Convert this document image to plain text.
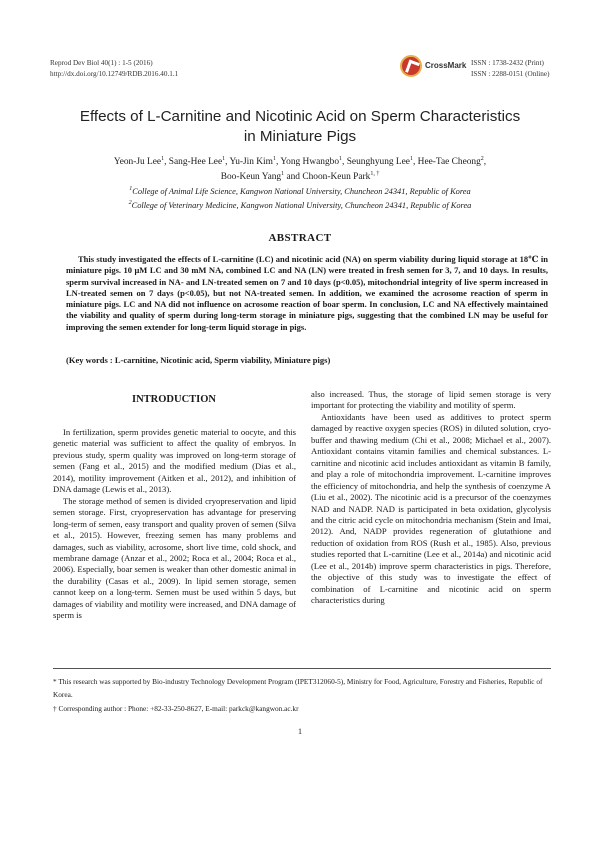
Reprod Dev Biol 40(1) : 1-5 (2016)
http://dx.doi.org/10.12749/RDB.2016.40.1.1
CrossMark ISSN : 1738-2432 (Print)
ISSN : 2288-0151 (Online)
Effects of L-Carnitine and Nicotinic Acid on Sperm Characteristics
in Miniature Pigs
Yeon-Ju Lee$^1$, Sang-Hee Lee$^1$, Yu-Jin Kim$^1$, Yong Hwangbo$^1$, Seunghyung Lee$^1$, Hee-Tae Cheong$^2$,
Boo-Keun Yang$^1$ and Choon-Keun Park$^{1, \dagger}$
$^1$College of Animal Life Science, Kangwon National University, Chuncheon 24341, Republic of Korea
$^2$College of Veterinary Medicine, Kangwon National University, Chuncheon 24341, Republic of Korea
ABSTRACT
This study investigated the effects of L-carnitine (LC) and nicotinic acid (NA) on sperm viability during liquid storage at 18℃ in miniature pigs. 10 μM LC and 30 mM NA, combined LC and NA (LN) were treated in fresh semen for 3, 7, and 10 days. In results, sperm survival increased in NA- and LN-treated semen on 7 and 10 days (p<0.05), mitochondrial integrity of live sperm increased in LN-treated semen on 7 days (p<0.05), but not NA-treated semen. In addition, we examined the acrosome reaction of sperm in miniature pigs. LC and NA did not influence on acrosome reaction of boar sperm. In conclusion, LC and NA effectively maintained the viability and quality of sperm during long-term storage in miniature pigs, suggesting that the combined LN may be useful for improving the semen extender for long-term liquid storage in pigs.
(Key words : L-carnitine, Nicotinic acid, Sperm viability, Miniature pigs)
INTRODUCTION

In fertilization, sperm provides genetic material to oocyte, and this genetic material was sufficient to affect the quality of embryos. In previous study, sperm quality was improved on long-term storage of semen (Fang et al., 2015) and the modified medium (Dias et al., 2014), motility improvement (Aitken et al., 2012), and inhibition of DNA damage (Lewis et al., 2013).

The storage method of semen is divided cryopreservation and lipid semen storage. First, cryopreservation has advantage for preserving long-term of semen, easy transport and quality proven of semen (Silva et al., 2015). However, freezing semen has many problems and damages, such as viability, acrosome, short live time, cold shock, and membrane damage (Anzar et al., 2002; Roca et al., 2004; Roca et al., 2006). Especially, boar semen is weaker than other domestic animal in the durability (Casas et al., 2009). In lipid semen storage, semen cannot keep on a long-term. Semen must be used within 5 days, but damages of viability and motility were increased, and DNA damage of sperm is

also increased. Thus, the storage of lipid semen storage is very important for protecting the viability and motility of sperm.

Antioxidants have been used as additives to protect sperm damaged by reactive oxygen species (ROS) in diluted solution, cryo-buffer and thawing medium (Chi et al., 2008; Michael et al., 2007). Antioxidant contains vitamin families and chemical substances. L-carnitine and nicotinic acid includes antioxidant as vitamin B family, and play a role of mitochondria improvement. L-carnitine improves the efficiency of mitochondria, and help the synthesis of coenzyme A (Liu et al., 2002). The nicotinic acid is a precursor of the coenzymes NAD and NADP. NAD is participated in beta oxidation, glycolysis and the citric acid cycle on mitochondria mechanism (Stein and Imai, 2012). And, NADP provides regeneration of glutathione and reduction of oxidation from ROS (Rush et al., 1985). Also, previous studies reported that L-carnitine (Lee et al., 2014a) and nicotinic acid (Lee et al., 2014b) improve sperm characteristics in pigs. Therefore, the objective of this study was to investigate the effect of combination of L-carnitine and nicotinic acid on sperm characteristics during

* This research was supported by Bio-industry Technology Development Program (IPET312060-5), Ministry for Food, Agriculture, Forestry and Fisheries, Republic of Korea.
† Corresponding author : Phone: +82-33-250-8627, E-mail: parkck@kangwon.ac.kr
1
